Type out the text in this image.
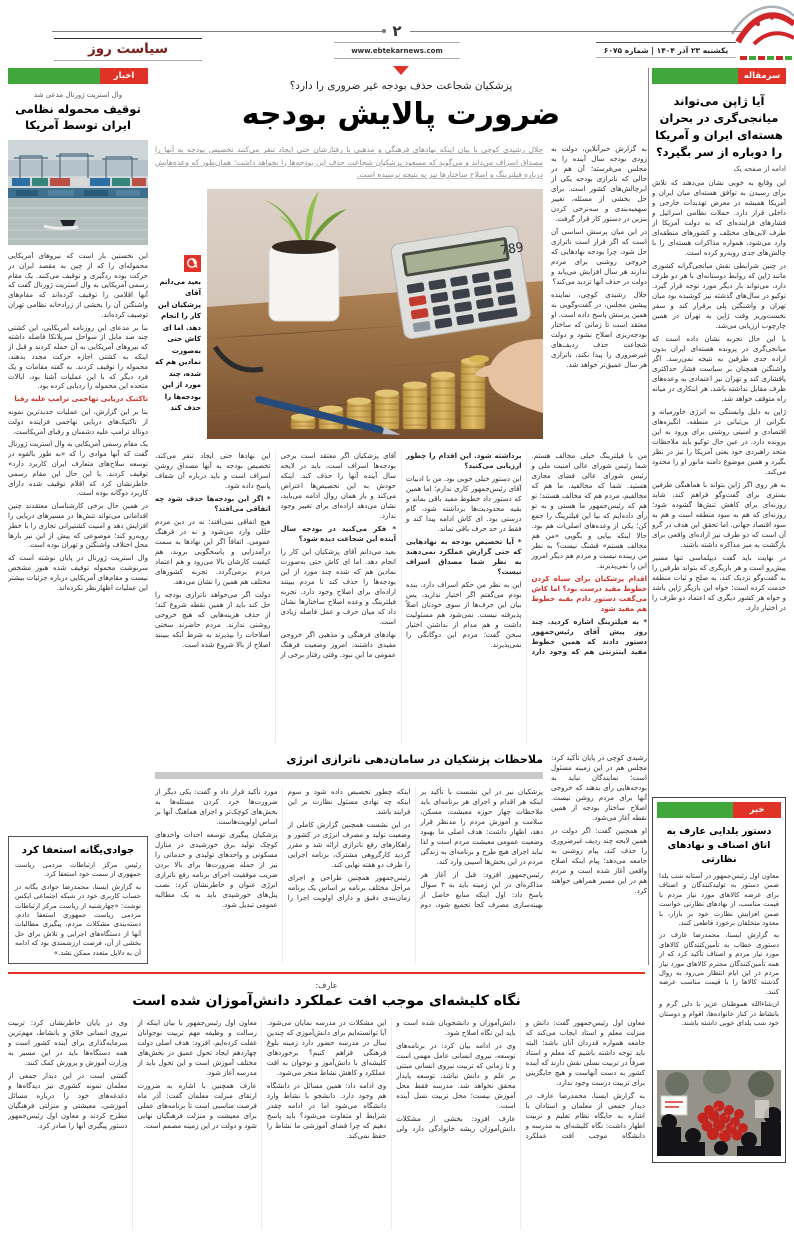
۲
یکشنبه ۲۳ آذر ۱۴۰۴ | شماره ۶۰۷۵
www.ebtekarnews.com
سیاست روز
اخبار
وال استریت ژورنال مدعی شد
توقیف محموله نظامی ایران توسط آمریکا

این نخستین بار است که نیروهای آمریکایی محموله‌ای را که از چین به مقصد ایران در حرکت بوده ردگیری و توقیف می‌کنند. یک مقام رسمی آمریکایی به وال استریت ژورنال گفت که آنها اقلامی را توقیف کرده‌اند که مقام‌های واشنگتن آن را بخشی از زرادخانه نظامی تهران توصیف کرده‌اند.

بنا بر مدعای این روزنامه آمریکایی، این کشتی چند صد مایل از سواحل سریلانکا فاصله داشته که نیروهای آمریکایی به آن حمله کردند و قبل از اینکه به کشتی اجازه حرکت مجدد بدهند، محموله را توقیف کردند. به گفته مقامات و یک فرد دیگر که با این عملیات آشنا بود، ایالات متحده این محموله را ردیابی کرده بود.

تاکتیک دریایی تهاجمی ترامپ علیه رقبا

بنا بر این گزارش، این عملیات جدیدترین نمونه از تاکتیک‌های دریایی تهاجمی فزاینده دولت دونالد ترامپ علیه دشمنان و رقبای آمریکاست.

یک مقام رسمی آمریکایی به وال استریت ژورنال گفت که آنها موادی را که «به طور بالقوه در توسعه سلاح‌های متعارف ایران کاربرد دارد» توقیف کردند. با این حال این مقام رسمی خاطرنشان کرد که اقلام توقیف شده دارای کاربرد دوگانه بوده است.

در همین حال برخی کارشناسان معتقدند چنین اقداماتی می‌تواند تنش‌ها در مسیرهای دریایی را افزایش دهد و امنیت کشتیرانی تجاری را با خطر روبه‌رو کند؛ موضوعی که پیش از این نیز بارها محل اختلاف واشنگتن و تهران بوده است.

وال استریت ژورنال در پایان نوشته است که سرنوشت محموله توقیف شده هنوز مشخص نیست و مقام‌های آمریکایی درباره جزئیات بیشتر این عملیات اظهارنظر نکرده‌اند.

جوادی‌یگانه استعفا کرد

رئیس مرکز ارتباطات مردمی ریاست جمهوری از سمت خود استعفا کرد.

به گزارش ایسنا، محمدرضا جوادی یگانه در حساب کاربری خود در شبکه اجتماعی ایکس نوشت: «چهارشنبه از ریاست مرکز ارتباطات مردمی ریاست جمهوری استعفا دادم. دسته‌بندی مشکلات مردم، پیگیری مطالبات آنها از دستگاه‌های اجرایی و تلاش برای حل بخشی از آن، فرصت ارزشمندی بود که ادامه آن به دلایل متعدد ممکن نشد.»

پزشکیان شجاعت حذف بودجه غیر ضروری را دارد؟
ضرورت پالایش بودجه

به گزارش خبرآنلاین، دولت به زودی بودجه سال آینده را به مجلس می‌فرستد؛ آن هم در حالی که ناترازی بودجه یکی از ابرچالش‌های کشور است. برای حل بخشی از مسئله، تغییر سهمیه‌بندی و سه‌نرخی کردن بنزین در دستور کار قرار گرفت.

در این میان پرسش اساسی آن است که اگر قرار است ناترازی حل شود، چرا بودجه نهادهایی که خروجی روشنی برای مردم ندارند هر سال افزایش می‌یابد و دولت در حذف آنها تردید می‌کند؟

جلال رشیدی کوچی، نماینده پیشین مجلس، در گفت‌وگویی به همین پرسش پاسخ داده است. او معتقد است تا زمانی که ساختار بودجه‌ریزی اصلاح نشود و دولت شجاعت حذف ردیف‌های غیرضروری را پیدا نکند، ناترازی هر سال عمیق‌تر خواهد شد.

جلال رشیدی کوچی با بیان اینکه نهادهای فرهنگی و مذهبی با رفتارشان حتی ایجاد تنفر می‌کنند تخصیص بودجه به آنها را مصداق اسراف می‌داند و می‌گوید که مسعود پزشکیان شجاعت حذف این بودجه‌ها را نخواهد داشت؛ همان‌طور که وعده‌هایش درباره فیلترینگ و اصلاح ساختارها نیز به نتیجه نرسیده است.

789

بعید می‌دانم آقای پزشکیان این کار را انجام دهد. اما ای کاش حتی به‌صورت نمادین هم که شده، چند مورد از این بودجه‌ها را حذف کند

من با فیلترینگ خیلی مخالف هستم. شما رئیس شورای عالی امنیت ملی و رئیس شورای عالی فضای مجازی هستید. شما که مخالفید، ما هم که مخالفیم، مردم هم که مخالف هستند؛ تو هم که رئیس‌جمهور ما هستی و به تو رأی داده‌ایم که بیا این فیلترینگ را جمع کن؛ یکی از وعده‌های اصلی‌ات هم بود. حالا اینکه بیایی و بگویی «من هم مخالف هستم» قشنگ نیست؟ به نظر من زیبنده نیست و مردم هم دیگر امروز این را نمی‌پذیرند.

اقدام پزشکیان برای سیاه کردن خطوط مفید درست بود؟ اما کاش می‌گفت دستور دادم بقیه خطوط هم مفید شود

* به فیلترینگ اشاره کردید. چند روز پیش آقای رئیس‌جمهور دستور دادند که همین خطوط مفید اینترنتی هم که وجود دارد برداشته شود. این اقدام را چطور ارزیابی می‌کنید؟

این دستور خیلی خوبی بود. من با ادبیات آقای رئیس‌جمهور کاری ندارم؛ اما همین که دستور داد خطوط مفید باقی بماند و بقیه محدودیت‌ها برداشته شود، گام درستی بود. ای کاش ادامه پیدا کند و فقط در حد حرف باقی نماند.

* آیا تخصیص بودجه به نهادهایی که حتی گزارش عملکرد نمی‌دهند به نظر شما مصداق اسراف نیست؟

این به نظر من حکم اسراف دارد. بنده بودم می‌گفتم اگر اختیار ندارید، پس بیان این حرف‌ها از سوی خودتان اصلاً پذیرفته نیست. نمی‌شود هم مسئولیت داشت و هم مدام از نداشتن اختیار سخن گفت؛ مردم این دوگانگی را نمی‌پذیرند.

آقای پزشکیان اگر معتقد است برخی بودجه‌ها اسراف است، باید در لایحه سال آینده آنها را حذف کند. اینکه خودش به این تخصیص‌ها اعتراض می‌کند و باز همان روال ادامه می‌یابد، نشان می‌دهد اراده‌ای برای تغییر وجود ندارد.

* فکر می‌کنید در بودجه سال آینده این شجاعت دیده شود؟

بعید می‌دانم آقای پزشکیان این کار را انجام دهد. اما ای کاش حتی به‌صورت نمادین هم که شده چند مورد از این بودجه‌ها را حذف کند تا مردم ببینند اراده‌ای برای اصلاح وجود دارد. تجربه فیلترینگ و وعده اصلاح ساختارها نشان داد که میان حرف و عمل فاصله زیادی است.

نهادهای فرهنگی و مذهبی اگر خروجی مفیدی داشتند، امروز وضعیت فرهنگ عمومی ما این نبود. وقتی رفتار برخی از این نهادها حتی ایجاد تنفر می‌کند، تخصیص بودجه به آنها مصداق روشن اسراف است و باید درباره آن شفاف پاسخ داده شود.

* اگر این بودجه‌ها حذف شود چه اتفاقی می‌افتد؟

هیچ اتفاقی نمی‌افتد؛ نه در دین مردم خللی وارد می‌شود و نه در فرهنگ عمومی. اتفاقاً اگر این نهادها به سمت درآمدزایی و پاسخگویی بروند، هم کیفیت کارشان بالا می‌رود و هم اعتماد مردم برمی‌گردد. تجربه کشورهای مختلف هم همین را نشان می‌دهد.

دولت اگر می‌خواهد ناترازی بودجه را حل کند باید از همین نقطه شروع کند؛ از حذف هزینه‌هایی که هیچ خروجی روشنی ندارند. مردم حاضرند سختی اصلاحات را بپذیرند به شرط آنکه ببینند اصلاح از بالا شروع شده است.

رشیدی کوچی در پایان تأکید کرد: مجلس هم در این زمینه مسئول است؛ نمایندگان نباید به بودجه‌هایی رأی بدهند که خروجی آنها برای مردم روشن نیست. اصلاح ساختار بودجه از همین نقطه آغاز می‌شود.

او همچنین گفت: اگر دولت در همین لایحه چند ردیف غیرضروری را حذف کند، پیام روشنی به جامعه می‌دهد؛ پیام اینکه اصلاح واقعی آغاز شده است و مردم هم در این مسیر همراهی خواهند کرد.

ملاحظات پزشکیان در سامان‌دهی ناترازی انرژی

پزشکیان نیز در این نشست با تأکید بر اینکه هر اقدام و اجرای هر برنامه‌ای باید ملاحظات چهار حوزه معیشت، مسکن، سلامت و آموزش مردم را مدنظر قرار دهد، اظهار داشت: هدف اصلی ما بهبود وضعیت عمومی معیشت مردم است و لذا نباید اجرای هیچ طرح و برنامه‌ای به زندگی مردم در این بخش‌ها آسیبی وارد کند.

رئیس‌جمهور افزود: قبل از آغاز هر مذاکره‌ای در این زمینه باید به ۳ سوال پاسخ داد: اول اینکه منابع حاصل از بهینه‌سازی مصرف کجا تجمیع شود، دوم اینکه چطور تخصیص داده شود و سوم اینکه چه نهادی مسئول نظارت بر این فرایند باشد.

در این نشست همچنین گزارش کاملی از وضعیت تولید و مصرف انرژی در کشور و راهکارهای رفع ناترازی ارائه شد و مقرر گردید کارگروهی مشترک، برنامه اجرایی را ظرف دو هفته نهایی کند.

رئیس‌جمهور همچنین طراحی و اجرای مراحل مختلف برنامه بر اساس یک برنامه زمان‌بندی دقیق و دارای اولویت اجرا را مورد تأکید قرار داد و گفت: یکی دیگر از ضرورت‌ها خرد کردن مسئله‌ها به بخش‌های کوچک‌تر و اجرای هماهنگ آنها بر اساس اولویت‌هاست.

پزشکیان پیگیری توسعه احداث واحدهای کوچک تولید برق خورشیدی در منازل مسکونی و واحدهای تولیدی و خدماتی را نیز از جمله ضرورت‌ها برای بالا بردن ضریب موفقیت اجرای برنامه رفع ناترازی انرژی عنوان و خاطرنشان کرد: نصب پنل‌های خورشیدی باید به یک مطالبه عمومی تبدیل شود.

سرمقاله
آیا ژاپن می‌تواند میانجی‌گری در بحران هسته‌ای ایران و آمریکا را دوباره از سر بگیرد؟
ادامه از صفحه یک

این وقایع به خوبی نشان می‌دهند که تلاش برای رسیدن به توافق هسته‌ای میان ایران و آمریکا همیشه در معرض تهدیدات خارجی و داخلی قرار دارد. حملات نظامی اسرائیل و فشارهای فزاینده‌ای که به دولت آمریکا از طرف لابی‌های مختلف و کشورهای منطقه‌ای وارد می‌شود، همواره مذاکرات هسته‌ای را با چالش‌های جدی روبه‌رو کرده است.

در چنین شرایطی نقش میانجی‌گرانه کشوری مانند ژاپن که روابط دوستانه‌ای با هر دو طرف دارد، می‌تواند بار دیگر مورد توجه قرار گیرد. توکیو در سال‌های گذشته نیز کوشیده بود میان تهران و واشنگتن پلی برقرار کند و سفر نخست‌وزیر وقت ژاپن به تهران در همین چارچوب ارزیابی می‌شد.

با این حال تجربه نشان داده است که میانجی‌گری در پرونده هسته‌ای ایران بدون اراده جدی طرفین به نتیجه نمی‌رسد. اگر واشنگتن همچنان بر سیاست فشار حداکثری پافشاری کند و تهران نیز اعتمادی به وعده‌های طرف مقابل نداشته باشد، هر ابتکاری در میانه راه متوقف خواهد شد.

ژاپن به دلیل وابستگی به انرژی خاورمیانه و نگرانی از بی‌ثباتی در منطقه، انگیزه‌های اقتصادی و امنیتی روشنی برای ورود به این پرونده دارد. در عین حال توکیو باید ملاحظات متحد راهبردی خود یعنی آمریکا را نیز در نظر بگیرد و همین موضوع دامنه مانور او را محدود می‌کند.

به هر روی اگر ژاپن بتواند با هماهنگی طرفین بستری برای گفت‌وگو فراهم کند، شاید روزنه‌ای برای کاهش تنش‌ها گشوده شود؛ روزنه‌ای که هم به سود منطقه است و هم به سود اقتصاد جهانی. اما تحقق این هدف در گرو آن است که دو طرف نیز اراده‌ای واقعی برای بازگشت به میز مذاکره داشته باشند.

در نهایت باید گفت دیپلماسی تنها مسیر پیش‌رو است و هر بازیگری که بتواند طرفین را به گفت‌وگو نزدیک کند، به صلح و ثبات منطقه خدمت کرده است؛ خواه این بازیگر ژاپن باشد و خواه هر کشور دیگری که اعتماد دو طرف را در اختیار دارد.

خبر
دستور یلدایی عارف به اتاق اصناف و نهادهای نظارتی

معاون اول رئیس‌جمهور در آستانه شب یلدا ضمن دستور به تولیدکنندگان و اصناف برای عرضه کالاهای مورد نیاز مردم با قیمت مناسب، از نهادهای نظارتی خواست ضمن افزایش نظارت خود بر بازار، با معدود متخلفان برخورد قاطعی کنند.

به گزارش ایسنا، محمدرضا عارف در دستوری خطاب به تأمین‌کنندگان کالاهای مورد نیاز مردم و اصناف تأکید کرد که از همه تأمین‌کنندگان محترم کالاهای مورد نیاز مردم در این ایام انتظار می‌رود به روال گذشته کالاها را با قیمت مناسب عرضه کنند.

ان‌شاءالله هموطنان عزیز با دلی گرم و بانشاط در کنار خانواده‌ها، اقوام و دوستان خود شب یلدای خوبی داشته باشند.

عارف:
نگاه کلیشه‌ای موجب افت عملکرد دانش‌آموزان شده است

معاون اول رئیس‌جمهور گفت: دانش و منزلت معلم و استاد ایجاب می‌کند که جامعه همواره قدردان آنان باشد؛ البته باید توجه داشته باشیم که معلم و استاد صرفاً در تربیت نسلی نقش دارند که آینده کشور به دست آنهاست و هیچ جایگزینی برای تربیت درست وجود ندارد.

به گزارش ایسنا، محمدرضا عارف در دیدار جمعی از معلمان و استادان با اشاره به جایگاه نظام تعلیم و تربیت اظهار داشت: نگاه کلیشه‌ای به مدرسه و دانشگاه موجب افت عملکرد دانش‌آموزان و دانشجویان شده است و باید این نگاه اصلاح شود.

وی در ادامه بیان کرد: در برنامه‌های توسعه، نیروی انسانی عامل مهمی است و تا زمانی که تربیت نیروی انسانی مبتنی بر علم و دانش نباشد، توسعه پایدار محقق نخواهد شد. مدرسه فقط محل آموزش نیست؛ محل تربیت نسل آینده است.

عارف افزود: بخشی از مشکلات دانش‌آموزان ریشه خانوادگی دارد ولی این مشکلات در مدرسه نمایان می‌شود. آیا توانسته‌ایم برای دانش‌آموزی که چندین سال در مدرسه حضور دارد زمینه بلوغ فرهنگی فراهم کنیم؟ برخوردهای کلیشه‌ای با دانش‌آموز و نوجوان به افت عملکرد و کاهش نشاط منجر می‌شود.

وی ادامه داد: همین مسائل در دانشگاه هم وجود دارد. دانشجو با نشاط وارد دانشگاه می‌شود اما در ادامه چقدر شرایط او متفاوت می‌شود؟ باید پاسخ دهیم که چرا فضای آموزشی ما نشاط را حفظ نمی‌کند.

معاون اول رئیس‌جمهور با بیان اینکه از رسالت و وظیفه مهم تربیت نوجوانان غفلت کرده‌ایم، افزود: هدف اصلی دولت چهاردهم ایجاد تحول عمیق در بخش‌های مختلف آموزش است و این تحول باید از مدرسه آغاز شود.

عارف همچنین با اشاره به ضرورت ارتقای منزلت معلمان گفت: آذر ماه فرصت مناسبی است تا برنامه‌های عملی برای معیشت و منزلت فرهنگیان نهایی شود و دولت در این زمینه مصمم است.

وی در پایان خاطرنشان کرد: تربیت نیروی انسانی خلاق و بانشاط، مهم‌ترین سرمایه‌گذاری برای آینده کشور است و همه دستگاه‌ها باید در این مسیر به وزارت آموزش و پرورش کمک کنند.

گفتنی است در این دیدار جمعی از معلمان نمونه کشوری نیز دیدگاه‌ها و دغدغه‌های خود را درباره مسائل آموزشی، معیشتی و منزلتی فرهنگیان مطرح کردند و معاون اول رئیس‌جمهور دستور پیگیری آنها را صادر کرد.
